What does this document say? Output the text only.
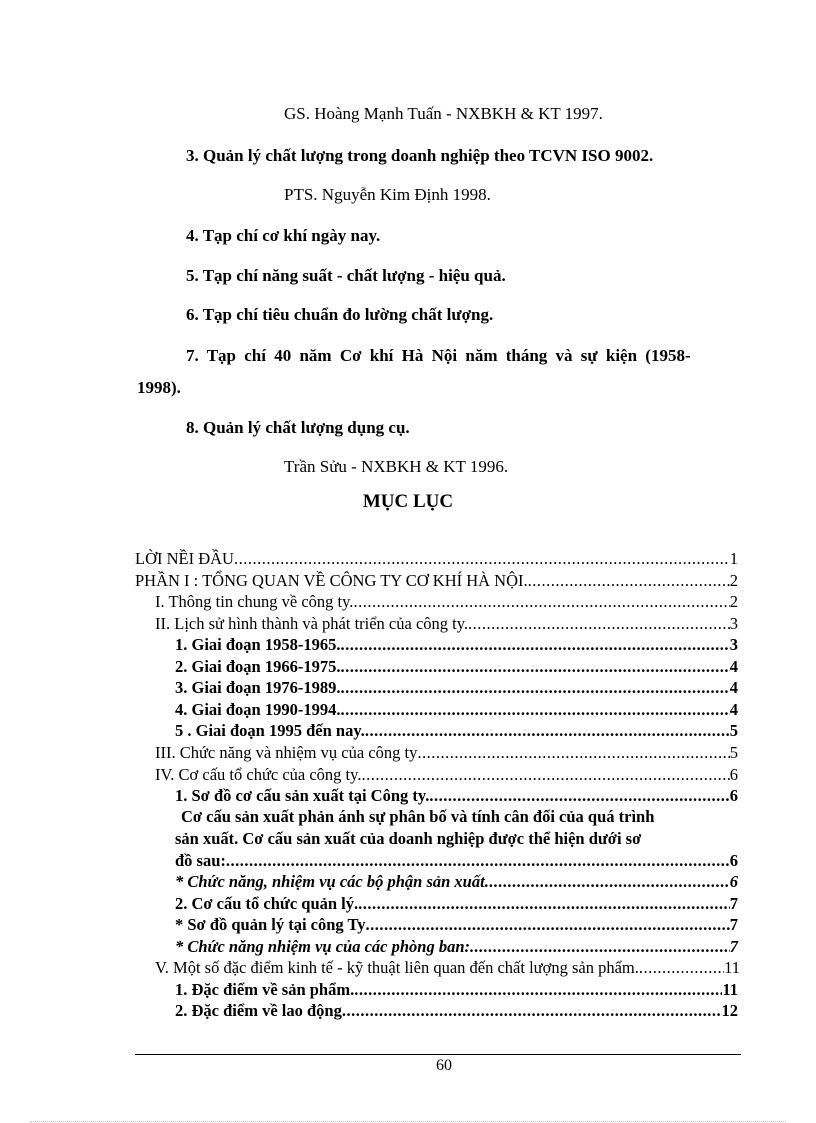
GS. Hoàng Mạnh Tuấn - NXBKH & KT 1997.
3. Quản lý chất lượng trong doanh nghiệp theo TCVN ISO 9002.
PTS. Nguyễn Kim Định 1998.
4. Tạp chí cơ khí ngày nay.
5. Tạp chí năng suất - chất lượng - hiệu quả.
6. Tạp chí tiêu chuẩn đo lường chất lượng.
7. Tạp chí 40 năm Cơ khí Hà Nội năm tháng và sự kiện (1958-
1998).
8. Quản lý chất lượng dụng cụ.
Trần Sửu - NXBKH & KT 1996.
MỤC LỤC
LỜI NỀI ĐẦU .....	1
PHẦN I : TỔNG QUAN VỀ CÔNG TY CƠ KHÍ HÀ NỘI. .....	2
I. Thông tin chung về công ty. .....	2
II. Lịch sử hình thành và phát triển của công ty. .....	3
1. Giai đoạn 1958-1965. .....	3
2. Giai đoạn 1966-1975. .....	4
3. Giai đoạn 1976-1989. .....	4
4. Giai đoạn 1990-1994. .....	4
5 . Giai đoạn 1995 đến nay. .....	5
III. Chức năng và nhiệm vụ của công ty .....	5
IV. Cơ cấu tổ chức của công ty. .....	6
1. Sơ đồ cơ cấu sản xuất tại Công ty. .....	6
Cơ cấu sản xuất phản ánh sự phân bố và tính cân đối của quá trình
sản xuất. Cơ cấu sản xuất của doanh nghiệp được thể hiện dưới sơ
đồ sau: .....	6
* Chức năng, nhiệm vụ các bộ phận sản xuất .....	6
2. Cơ cấu tổ chức quản lý. .....	7
* Sơ đồ quản lý tại công Ty .....	7
* Chức năng nhiệm vụ của các phòng ban: .....	7
V. Một số đặc điểm kinh tế - kỹ thuật liên quan đến chất lượng sản phẩm. .....	11
1. Đặc điểm về sản phẩm. .....	11
2. Đặc điểm về lao động .....	12
60
